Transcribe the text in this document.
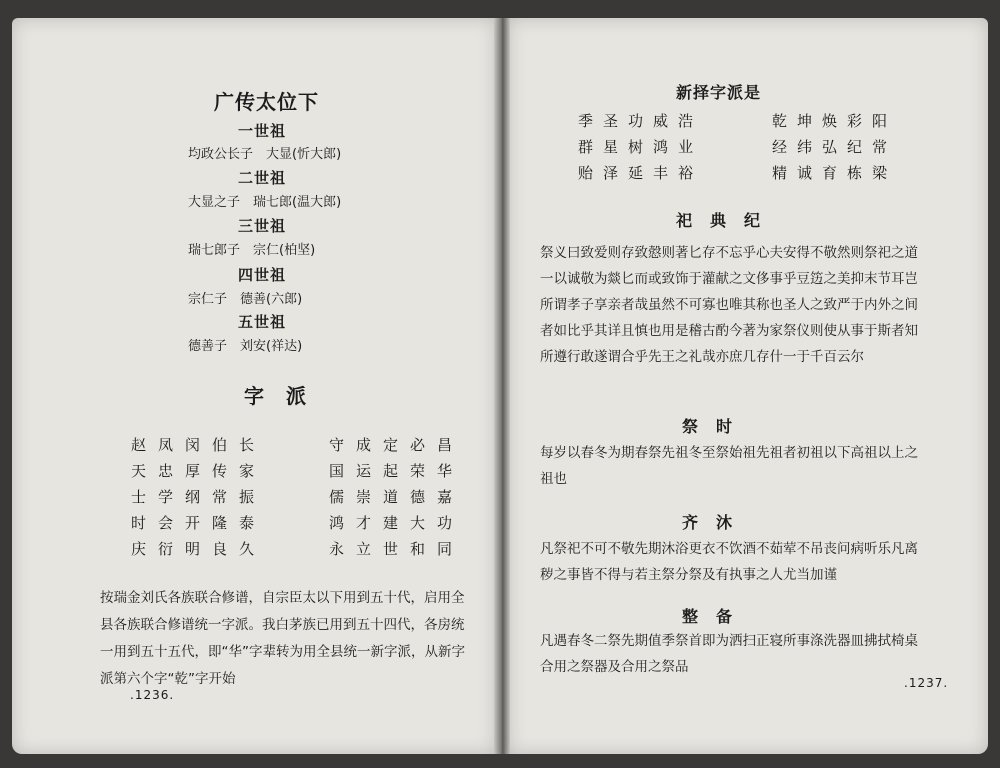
广传太位下
一世祖
均政公长子　大显(忻大郎)
二世祖
大显之子　瑞七郎(温大郎)
三世祖
瑞七郎子　宗仁(柏坚)
四世祖
宗仁子　德善(六郎)
五世祖
德善子　刘安(祥达)
字　派
赵凤闵伯长
天忠厚传家
士学纲常振
时会开隆泰
庆衍明良久
守成定必昌
国运起荣华
儒崇道德嘉
鸿才建大功
永立世和同
按瑞金刘氏各族联合修谱，自宗臣太以下用到五十代，启用全县各族联合修谱统一字派。我白茅族已用到五十四代，各房统一用到五十五代，即“华”字辈转为用全县统一新字派，从新字派第六个字“乾”字开始
.1236.
新择字派是
季圣功威浩
群星树鸿业
贻泽延丰裕
乾坤焕彩阳
经纬弘纪常
精诚育栋梁
祀　典　纪
祭义曰致爱则存致慤则著匕存不忘乎心夫安得不敬然则祭祀之道一以诚敬为燚匕而或致饰于灌献之文侈事乎豆笾之美抑末节耳岂所谓孝子享亲者哉虽然不可寡也唯其称也圣人之致严于内外之间者如比乎其详且慎也用是稽古酌今著为家祭仪则使从事于斯者知所遵行敢遂谓合乎先王之礼哉亦庶几存什一于千百云尔
祭　时
每岁以春冬为期春祭先祖冬至祭始祖先祖者初祖以下高祖以上之祖也
齐　沐
凡祭祀不可不敬先期沐浴更衣不饮酒不茹荤不吊丧问病听乐凡离秽之事皆不得与若主祭分祭及有执事之人尤当加谨
整　备
凡遇春冬二祭先期值季祭首即为洒扫正寝所事涤洗器皿拂拭椅桌合用之祭器及合用之祭品
.1237.
